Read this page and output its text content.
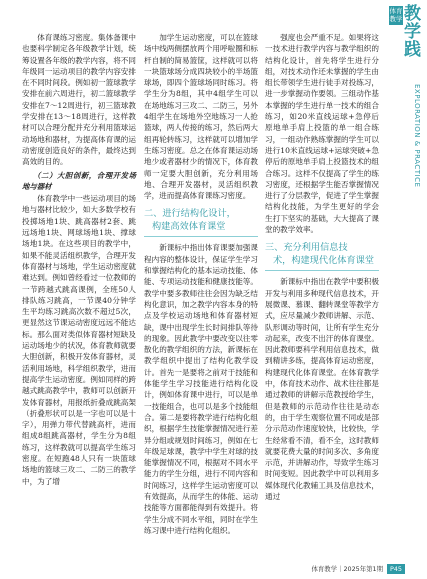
体育课练习密度。集体备课中也要科学制定各年级教学计划，统筹设置各年级的教学内容，将不同年级同一运动项目的教学内容安排在不同时间段。例如初一篮球教学安排在前六周进行，初二篮球教学安排在7～12周进行，初三篮球教学安排在13～18周进行，这样教材可以合理分配并充分利用篮球运动场地和器材，为提高体育课的运动密度创造良好的条件，最终达到高效的目的。

（二）大胆创新，合理开发场地与器材

体育教学中一些运动项目的场地与器材比较少，如大多数学校有投掷场地1块、跳高器材2套、跳远场地1块、网球场地1块、撑球场地1块。在这些项目的教学中，如果不能灵活组织教学，合理开发体育器材与场地，学生运动密度就难达到。例如曾经看过一位教师的一节跨越式跳高课例，全班50人排队练习跳高，一节课40分钟学生平均练习跳高次数不超过5次，更显然这节课运动密度远远不能达标。那么面对类似体育器材短缺及运动场地少的状况，体育教师就要大胆创新，积极开发体育器材，灵活利用场地，科学组织教学，进而提高学生运动密度。例如同样的跨越式跳高教学中，教师可以创新开发体育器材，用报纸折叠成跳高架（折叠形状可以是一字也可以是十字），用弹力带代替跳高杆，进而组成8组跳高器材，学生分为8组练习，这样教就可以提高学生练习密度。在短跑48人只有一块篮球场地的篮球三攻二、二防三的教学中，为了增

加学生运动密度，可以在篮球场中线两侧摆放两个用呼啦圈和标杆自制的简易篮筐，这样就可以将一块篮球场分成四块较小的半场篮球场，即四个篮球场同时练习。将学生分为8组，其中4组学生可以在场地练习三攻二、二防三，另外4组学生在场地外空地练习一人抢篮球，两人传接的练习，然后两大组再轮转练习，这样就可以增加学生练习密度。总之在体育课运动场地少或者器材少的情况下，体育教师一定要大胆创新，充分利用场地、合理开发器材，灵活组织教学，进而提高体育课练习密度。

二、进行结构化设计，
构建高效体育课堂

新课标中指出体育课要加强课程内容的整体设计，保证学生学习和掌握结构化的基本运动技能、体能、专项运动技能和健康技能等。教学中要多教师往往会因为缺乏结构化意识，加之教学内容本身的特点及学校运动场地和体育器材短缺，课中出现学生长时间排队等待的现象。因此教学中要改变以往零散化的教学组织的方法，新课标在教学组织中提出了结构化教学设计。首先一是要将之前对于技能和体能学生学习技能进行结构化设计，例如体育课中进行，可以是单一技能组合，也可以是多个技能组合。第二是要将教学进行结构化组织，根据学生技能掌握情况进行差异分组或规划时间练习，例如在七年级足球课，教学中学生对球的技能掌握情况不同，根据对不同水平能力的学生分组，进行不同内容和时间练习，这样学生运动密度可以有效提高，从而学生的体能、运动技能等方面都能得到有效提升。将学生分成不同水平组，同时在学生练习课中进行结构化组织。

强度也会严重不足。如果将这一技术进行教学内容与教学组织的结构化设计，首先将学生进行分组，对技术动作还未掌握的学生由组长带领学生进行徒手对投练习，进一步掌握动作要领。三组动作基本掌握的学生进行单一技术的组合练习，如20米直线运球+急停后原地单手肩上投篮的单一组合练习，一组动作熟练掌握的学生可以进行10米直线运球+运球突破+急停后的原地单手肩上投篮技术的组合练习。这样不仅提高了学生的练习密度，还根据学生能否掌握情况进行了分层教学，促进了学生掌握结构化技能，为学生更好的学会 生打下坚实的基础，大大提高了课堂的教学效率。

三、充分利用信息技
术，构建现代化体育课堂

新课标中指出在教学中要积极开发与利用多种现代信息技术，开展微课、慕课、翻转课堂等教学方式，应尽量减少教师讲解、示范、队形调动等时间，让所有学生充分动起来，改变不出汗的体育课堂。因此教师要科学利用信息技术，做到精讲多练，提高体育运动密度，构建现代化体育课堂。在体育教学中，体育技术动作、战术往往都是通过教师的讲解示范教授给学生，但是教师的示范动作往往是动态的，由于学生观察位置不同或是部分示范动作速度较快，比较快，学生经常看不清，看不全，这时教师就要花费大量的时间多次、多角度示范，并讲解动作，导致学生练习时间变短。因此教学中可以利用多媒体现代化教辅工具及信息技术，通过

体育教学
教学践
EXPLORATION & PRACTICE
体育教学｜2025年第1期 P45
